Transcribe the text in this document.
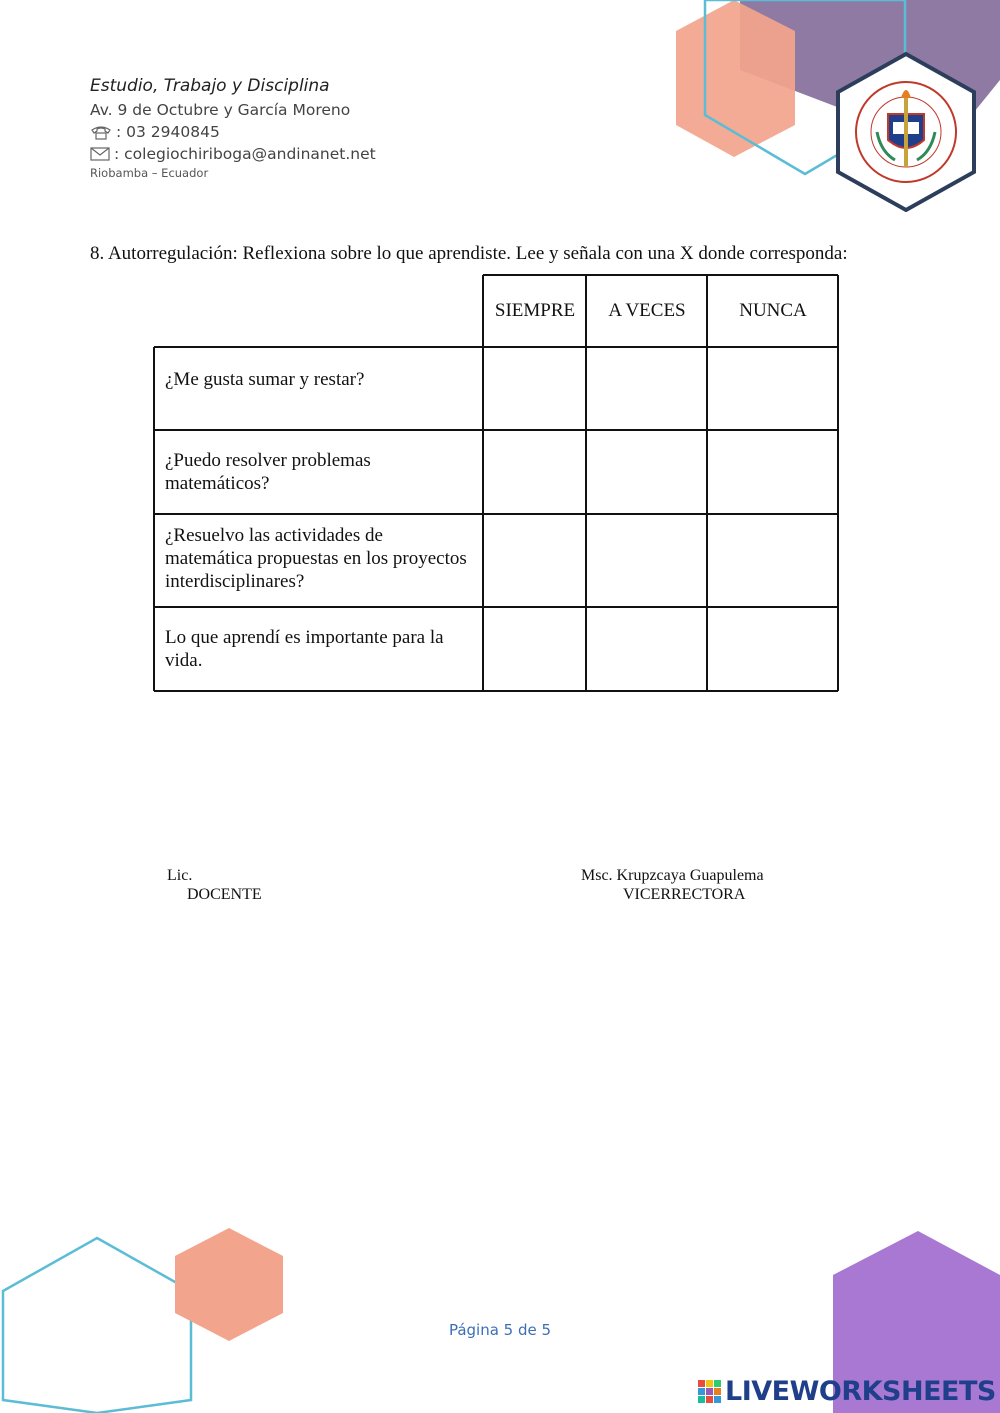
Estudio, Trabajo y Disciplina
Av. 9 de Octubre y García Moreno
: 03 2940845
: colegiochiriboga@andinanet.net
Riobamba – Ecuador
8. Autorregulación: Reflexiona sobre lo que aprendiste. Lee y señala con una X donde corresponda:
SIEMPRE	A VECES	NUNCA
¿Me gusta sumar y restar?
¿Puedo resolver problemas matemáticos?
¿Resuelvo las actividades de matemática propuestas en los proyectos interdisciplinares?
Lo que aprendí es importante para la vida.
Lic.
DOCENTE
Msc. Krupzcaya Guapulema
VICERRECTORA
Página 5 de 5
LIVEWORKSHEETS
